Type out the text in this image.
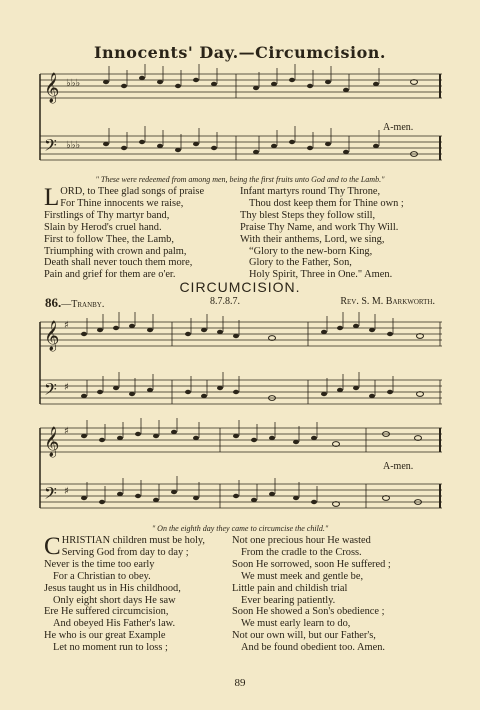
Innocents' Day.—Circumcision.
𝄞
𝄢
♭♭♭
♭♭♭
A-men.
" These were redeemed from among men, being the first fruits unto God and to the Lamb."
L ORD, to Thee glad songs of praise
For Thine innocents we raise,
Firstlings of Thy martyr band,
Slain by Herod's cruel hand.
First to follow Thee, the Lamb,
Triumphing with crown and palm,
Death shall never touch them more,
Pain and grief for them are o'er.
Infant martyrs round Thy Throne,
Thou dost keep them for Thine own ;
Thy blest Steps they follow still,
Praise Thy Name, and work Thy Will.
With their anthems, Lord, we sing,
“Glory to the new-born King,
Glory to the Father, Son,
Holy Spirit, Three in One." Amen.
CIRCUMCISION.
86.—Tranby.	8.7.8.7.	Rev. S. M. Barkworth.
𝄞
𝄢
♯
♯
𝄞
𝄢
♯
♯
A-men.
" On the eighth day they came to circumcise the child."
C HRISTIAN children must be holy,
Serving God from day to day ;
Never is the time too early
For a Christian to obey.
Jesus taught us in His childhood,
Only eight short days He saw
Ere He suffered circumcision,
And obeyed His Father's law.
He who is our great Example
Let no moment run to loss ;
Not one precious hour He wasted
From the cradle to the Cross.
Soon He sorrowed, soon He suffered ;
We must meek and gentle be,
Little pain and childish trial
Ever bearing patiently.
Soon He showed a Son's obedience ;
We must early learn to do,
Not our own will, but our Father's,
And be found obedient too. Amen.
89
